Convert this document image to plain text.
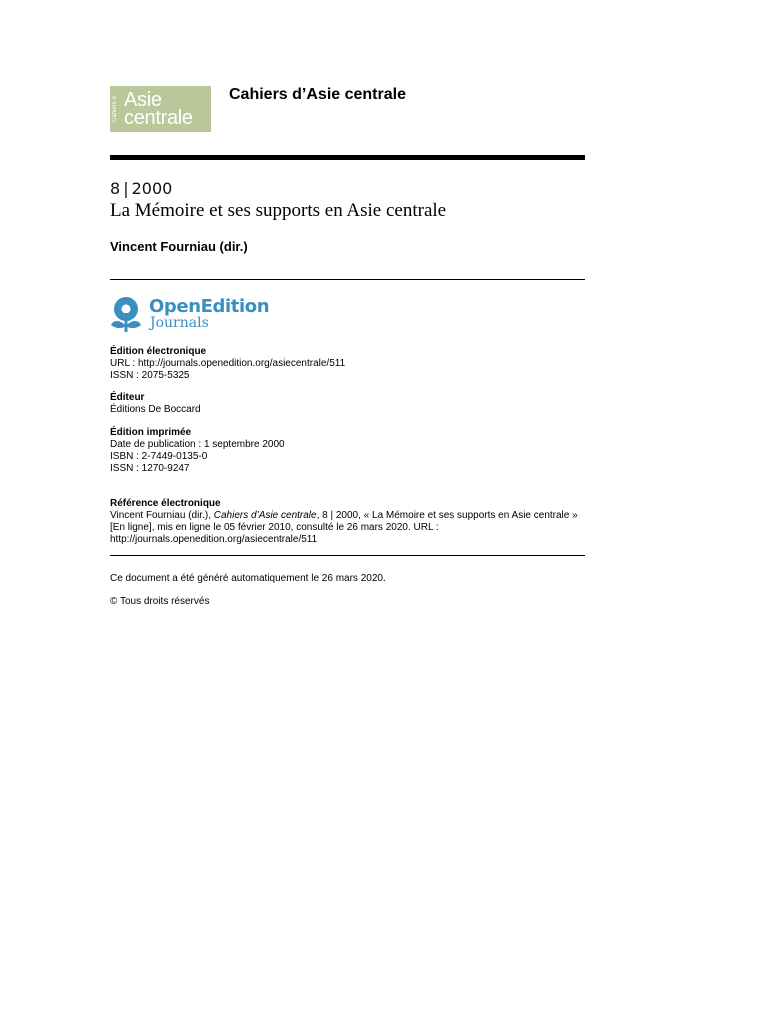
Cahiers d' Asie
centrale
Cahiers d’Asie centrale
8 | 2000
La Mémoire et ses supports en Asie centrale
Vincent Fourniau (dir.)
OpenEdition
Journals
Édition électronique
URL : http://journals.openedition.org/asiecentrale/511
ISSN : 2075-5325
Éditeur
Éditions De Boccard
Édition imprimée
Date de publication : 1 septembre 2000
ISBN : 2-7449-0135-0
ISSN : 1270-9247
Référence électronique
Vincent Fourniau (dir.), Cahiers d’Asie centrale, 8 | 2000, « La Mémoire et ses supports en Asie centrale » [En ligne], mis en ligne le 05 février 2010, consulté le 26 mars 2020. URL : http://journals.openedition.org/asiecentrale/511
Ce document a été généré automatiquement le 26 mars 2020.
© Tous droits réservés
